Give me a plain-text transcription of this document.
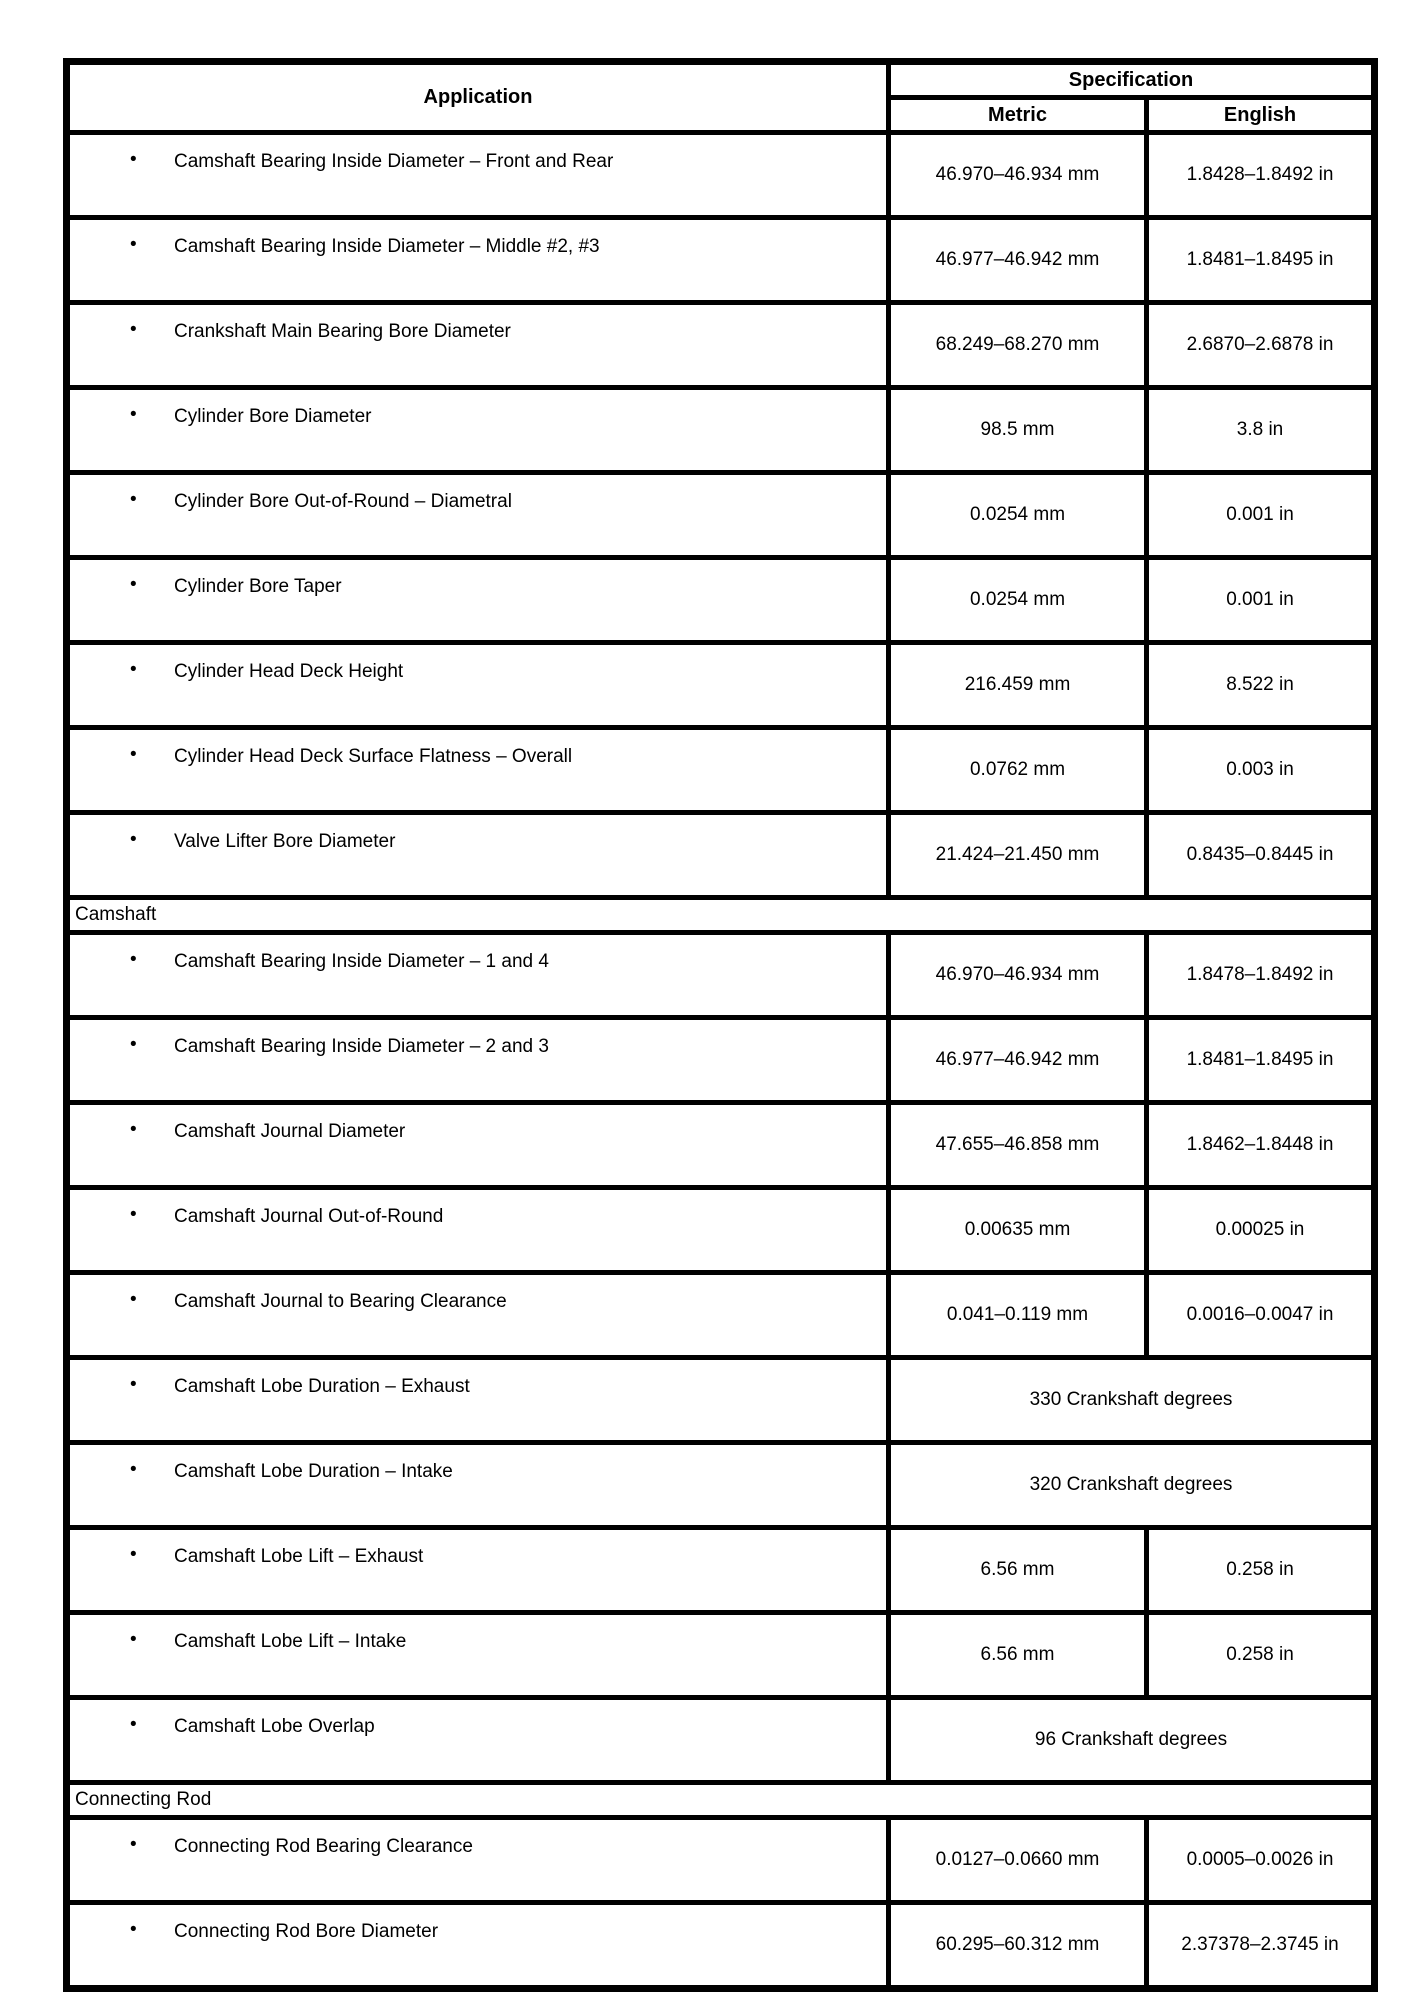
Application	Specification	
	Metric	English

• Camshaft Bearing Inside Diameter – Front and Rear	46.970–46.934 mm	1.8428–1.8492 in

• Camshaft Bearing Inside Diameter – Middle #2, #3	46.977–46.942 mm	1.8481–1.8495 in

• Crankshaft Main Bearing Bore Diameter	68.249–68.270 mm	2.6870–2.6878 in

• Cylinder Bore Diameter	98.5 mm	3.8 in

• Cylinder Bore Out-of-Round – Diametral	0.0254 mm	0.001 in

• Cylinder Bore Taper	0.0254 mm	0.001 in

• Cylinder Head Deck Height	216.459 mm	8.522 in

• Cylinder Head Deck Surface Flatness – Overall	0.0762 mm	0.003 in

• Valve Lifter Bore Diameter	21.424–21.450 mm	0.8435–0.8445 in
Camshaft		

• Camshaft Bearing Inside Diameter – 1 and 4	46.970–46.934 mm	1.8478–1.8492 in

• Camshaft Bearing Inside Diameter – 2 and 3	46.977–46.942 mm	1.8481–1.8495 in

• Camshaft Journal Diameter	47.655–46.858 mm	1.8462–1.8448 in

• Camshaft Journal Out-of-Round	0.00635 mm	0.00025 in

• Camshaft Journal to Bearing Clearance	0.041–0.119 mm	0.0016–0.0047 in

• Camshaft Lobe Duration – Exhaust	330 Crankshaft degrees	

• Camshaft Lobe Duration – Intake	320 Crankshaft degrees	

• Camshaft Lobe Lift – Exhaust	6.56 mm	0.258 in

• Camshaft Lobe Lift – Intake	6.56 mm	0.258 in

• Camshaft Lobe Overlap	96 Crankshaft degrees	
Connecting Rod		

• Connecting Rod Bearing Clearance	0.0127–0.0660 mm	0.0005–0.0026 in

• Connecting Rod Bore Diameter	60.295–60.312 mm	2.37378–2.3745 in
